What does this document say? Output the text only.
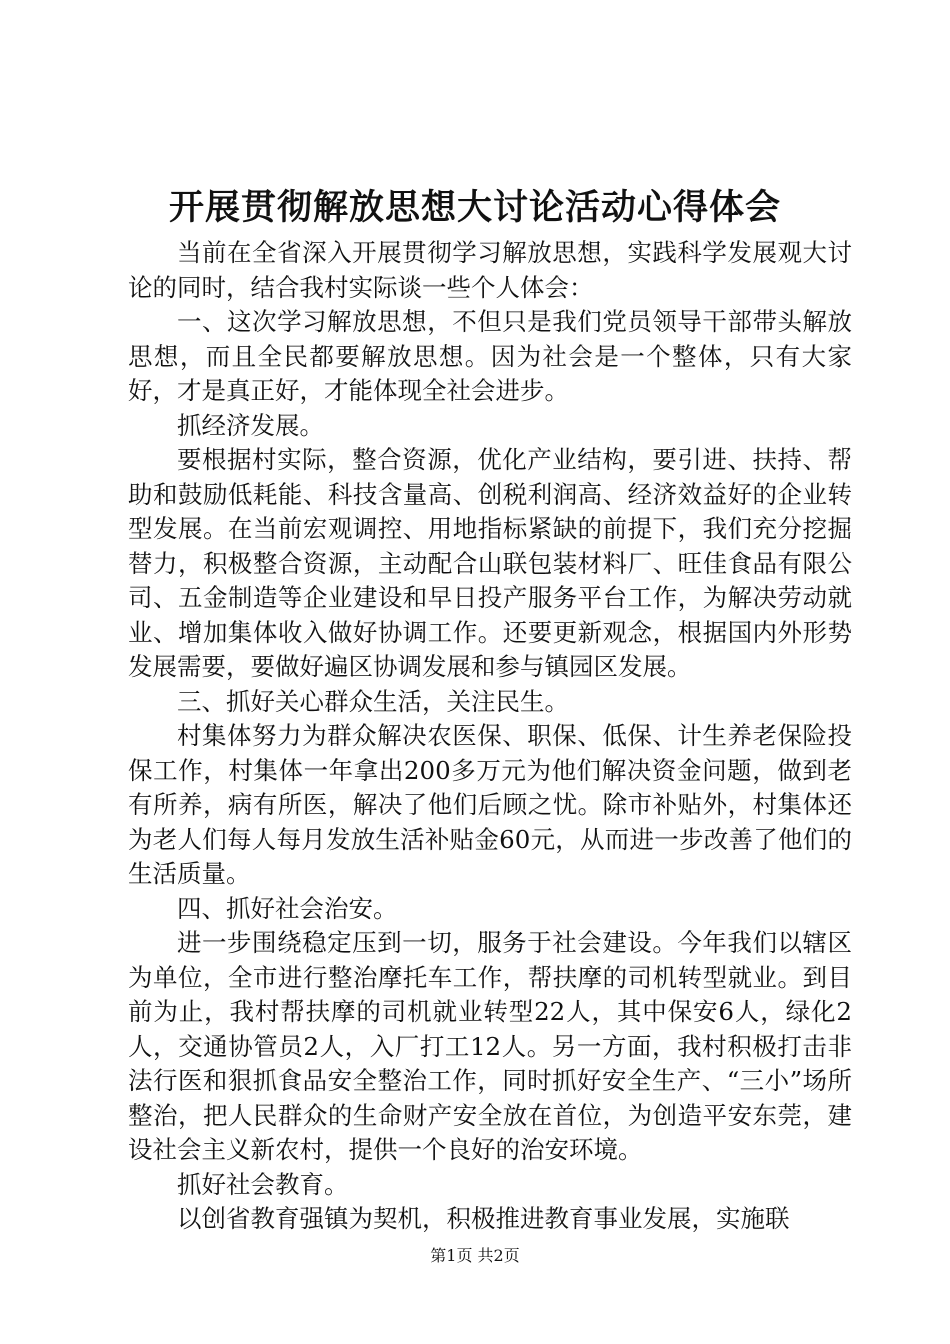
开展贯彻解放思想大讨论活动心得体会

当前在全省深入开展贯彻学习解放思想，实践科学发展观大讨论的同时，结合我村实际谈一些个人体会：

一、这次学习解放思想，不但只是我们党员领导干部带头解放思想，而且全民都要解放思想。因为社会是一个整体，只有大家好，才是真正好，才能体现全社会进步。

抓经济发展。

要根据村实际，整合资源，优化产业结构，要引进、扶持、帮助和鼓励低耗能、科技含量高、创税利润高、经济效益好的企业转型发展。在当前宏观调控、用地指标紧缺的前提下，我们充分挖掘替力，积极整合资源，主动配合山联包装材料厂、旺佳食品有限公司、五金制造等企业建设和早日投产服务平台工作，为解决劳动就业、增加集体收入做好协调工作。还要更新观念，根据国内外形势发展需要，要做好遍区协调发展和参与镇园区发展。

三、抓好关心群众生活，关注民生。

村集体努力为群众解决农医保、职保、低保、计生养老保险投保工作，村集体一年拿出200多万元为他们解决资金问题，做到老有所养，病有所医，解决了他们后顾之忧。除市补贴外，村集体还为老人们每人每月发放生活补贴金60元，从而进一步改善了他们的生活质量。

四、抓好社会治安。

进一步围绕稳定压到一切，服务于社会建设。今年我们以辖区为单位，全市进行整治摩托车工作，帮扶摩的司机转型就业。到目前为止，我村帮扶摩的司机就业转型22人，其中保安6人，绿化2人，交通协管员2人，入厂打工12人。另一方面，我村积极打击非法行医和狠抓食品安全整治工作，同时抓好安全生产、“三小”场所整治，把人民群众的生命财产安全放在首位，为创造平安东莞，建设社会主义新农村，提供一个良好的治安环境。

抓好社会教育。

以创省教育强镇为契机，积极推进教育事业发展，实施联

第1页 共2页
